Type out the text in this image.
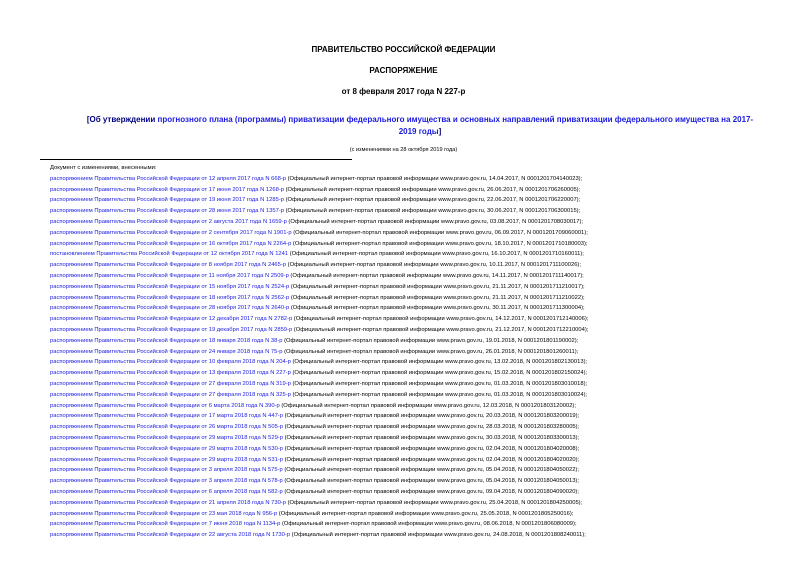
ПРАВИТЕЛЬСТВО РОССИЙСКОЙ ФЕДЕРАЦИИ
РАСПОРЯЖЕНИЕ
от 8 февраля 2017 года N 227-р
[Об утверждении прогнозного плана (программы) приватизации федерального имущества и основных направлений приватизации федерального имущества на 2017-2019 годы]
(с изменениями на 28 октября 2019 года)
Документ с изменениями, внесенными:
распоряжением Правительства Российской Федерации от 12 апреля 2017 года N 668-р (Официальный интернет-портал правовой информации www.pravo.gov.ru, 14.04.2017, N 0001201704140023);
распоряжением Правительства Российской Федерации от 17 июня 2017 года N 1268-р (Официальный интернет-портал правовой информации www.pravo.gov.ru, 26.06.2017, N 0001201706260005);
распоряжением Правительства Российской Федерации от 19 июня 2017 года N 1285-р (Официальный интернет-портал правовой информации www.pravo.gov.ru, 22.06.2017, N 0001201706220007);
распоряжением Правительства Российской Федерации от 28 июня 2017 года N 1357-р (Официальный интернет-портал правовой информации www.pravo.gov.ru, 30.06.2017, N 0001201706300015);
распоряжением Правительства Российской Федерации от 2 августа 2017 года N 1659-р (Официальный интернет-портал правовой информации www.pravo.gov.ru, 03.08.2017, N 0001201708030017);
распоряжением Правительства Российской Федерации от 2 сентября 2017 года N 1901-р (Официальный интернет-портал правовой информации www.pravo.gov.ru, 06.09.2017, N 0001201709060001);
распоряжением Правительства Российской Федерации от 16 октября 2017 года N 2264-р (Официальный интернет-портал правовой информации www.pravo.gov.ru, 18.10.2017, N 0001201710180003);
постановлением Правительства Российской Федерации от 12 октября 2017 года N 1241 (Официальный интернет-портал правовой информации www.pravo.gov.ru, 16.10.2017, N 0001201710160011);
распоряжением Правительства Российской Федерации от 8 ноября 2017 года N 2465-р (Официальный интернет-портал правовой информации www.pravo.gov.ru, 10.11.2017, N 0001201711100026);
распоряжением Правительства Российской Федерации от 11 ноября 2017 года N 2509-р (Официальный интернет-портал правовой информации www.pravo.gov.ru, 14.11.2017, N 0001201711140017);
распоряжением Правительства Российской Федерации от 15 ноября 2017 года N 2524-р (Официальный интернет-портал правовой информации www.pravo.gov.ru, 21.11.2017, N 0001201711210017);
распоряжением Правительства Российской Федерации от 18 ноября 2017 года N 2562-р (Официальный интернет-портал правовой информации www.pravo.gov.ru, 21.11.2017, N 0001201711210022);
распоряжением Правительства Российской Федерации от 28 ноября 2017 года N 2640-р (Официальный интернет-портал правовой информации www.pravo.gov.ru, 30.11.2017, N 0001201711300004);
распоряжением Правительства Российской Федерации от 12 декабря 2017 года N 2782-р (Официальный интернет-портал правовой информации www.pravo.gov.ru, 14.12.2017, N 0001201712140006);
распоряжением Правительства Российской Федерации от 19 декабря 2017 года N 2859-р (Официальный интернет-портал правовой информации www.pravo.gov.ru, 21.12.2017, N 0001201712210004);
распоряжением Правительства Российской Федерации от 18 января 2018 года N 38-р (Официальный интернет-портал правовой информации www.pravo.gov.ru, 19.01.2018, N 0001201801190002);
распоряжением Правительства Российской Федерации от 24 января 2018 года N 75-р (Официальный интернет-портал правовой информации www.pravo.gov.ru, 26.01.2018, N 0001201801260011);
распоряжением Правительства Российской Федерации от 10 февраля 2018 года N 204-р (Официальный интернет-портал правовой информации www.pravo.gov.ru, 13.02.2018, N 0001201802130013);
распоряжением Правительства Российской Федерации от 13 февраля 2018 года N 227-р (Официальный интернет-портал правовой информации www.pravo.gov.ru, 15.02.2018, N 0001201802150024);
распоряжением Правительства Российской Федерации от 27 февраля 2018 года N 319-р (Официальный интернет-портал правовой информации www.pravo.gov.ru, 01.03.2018, N 0001201803010018);
распоряжением Правительства Российской Федерации от 27 февраля 2018 года N 325-р (Официальный интернет-портал правовой информации www.pravo.gov.ru, 01.03.2018, N 0001201803010024);
распоряжением Правительства Российской Федерации от 6 марта 2018 года N 390-р (Официальный интернет-портал правовой информации www.pravo.gov.ru, 12.03.2018, N 0001201803120002);
распоряжением Правительства Российской Федерации от 17 марта 2018 года N 447-р (Официальный интернет-портал правовой информации www.pravo.gov.ru, 20.03.2018, N 0001201803200019);
распоряжением Правительства Российской Федерации от 26 марта 2018 года N 505-р (Официальный интернет-портал правовой информации www.pravo.gov.ru, 28.03.2018, N 0001201803280005);
распоряжением Правительства Российской Федерации от 29 марта 2018 года N 529-р (Официальный интернет-портал правовой информации www.pravo.gov.ru, 30.03.2018, N 0001201803300013);
распоряжением Правительства Российской Федерации от 29 марта 2018 года N 530-р (Официальный интернет-портал правовой информации www.pravo.gov.ru, 02.04.2018, N 0001201804020008);
распоряжением Правительства Российской Федерации от 29 марта 2018 года N 531-р (Официальный интернет-портал правовой информации www.pravo.gov.ru, 02.04.2018, N 0001201804020020);
распоряжением Правительства Российской Федерации от 3 апреля 2018 года N 575-р (Официальный интернет-портал правовой информации www.pravo.gov.ru, 05.04.2018, N 0001201804050022);
распоряжением Правительства Российской Федерации от 3 апреля 2018 года N 578-р (Официальный интернет-портал правовой информации www.pravo.gov.ru, 05.04.2018, N 0001201804050013);
распоряжением Правительства Российской Федерации от 6 апреля 2018 года N 582-р (Официальный интернет-портал правовой информации www.pravo.gov.ru, 09.04.2018, N 0001201804090020);
распоряжением Правительства Российской Федерации от 21 апреля 2018 года N 730-р (Официальный интернет-портал правовой информации www.pravo.gov.ru, 25.04.2018, N 0001201804250005);
распоряжением Правительства Российской Федерации от 23 мая 2018 года N 956-р (Официальный интернет-портал правовой информации www.pravo.gov.ru, 25.05.2018, N 0001201805250016);
распоряжением Правительства Российской Федерации от 7 июня 2018 года N 1134-р (Официальный интернет-портал правовой информации www.pravo.gov.ru, 08.06.2018, N 0001201806080009);
распоряжением Правительства Российской Федерации от 22 августа 2018 года N 1730-р (Официальный интернет-портал правовой информации www.pravo.gov.ru, 24.08.2018, N 0001201808240011);
